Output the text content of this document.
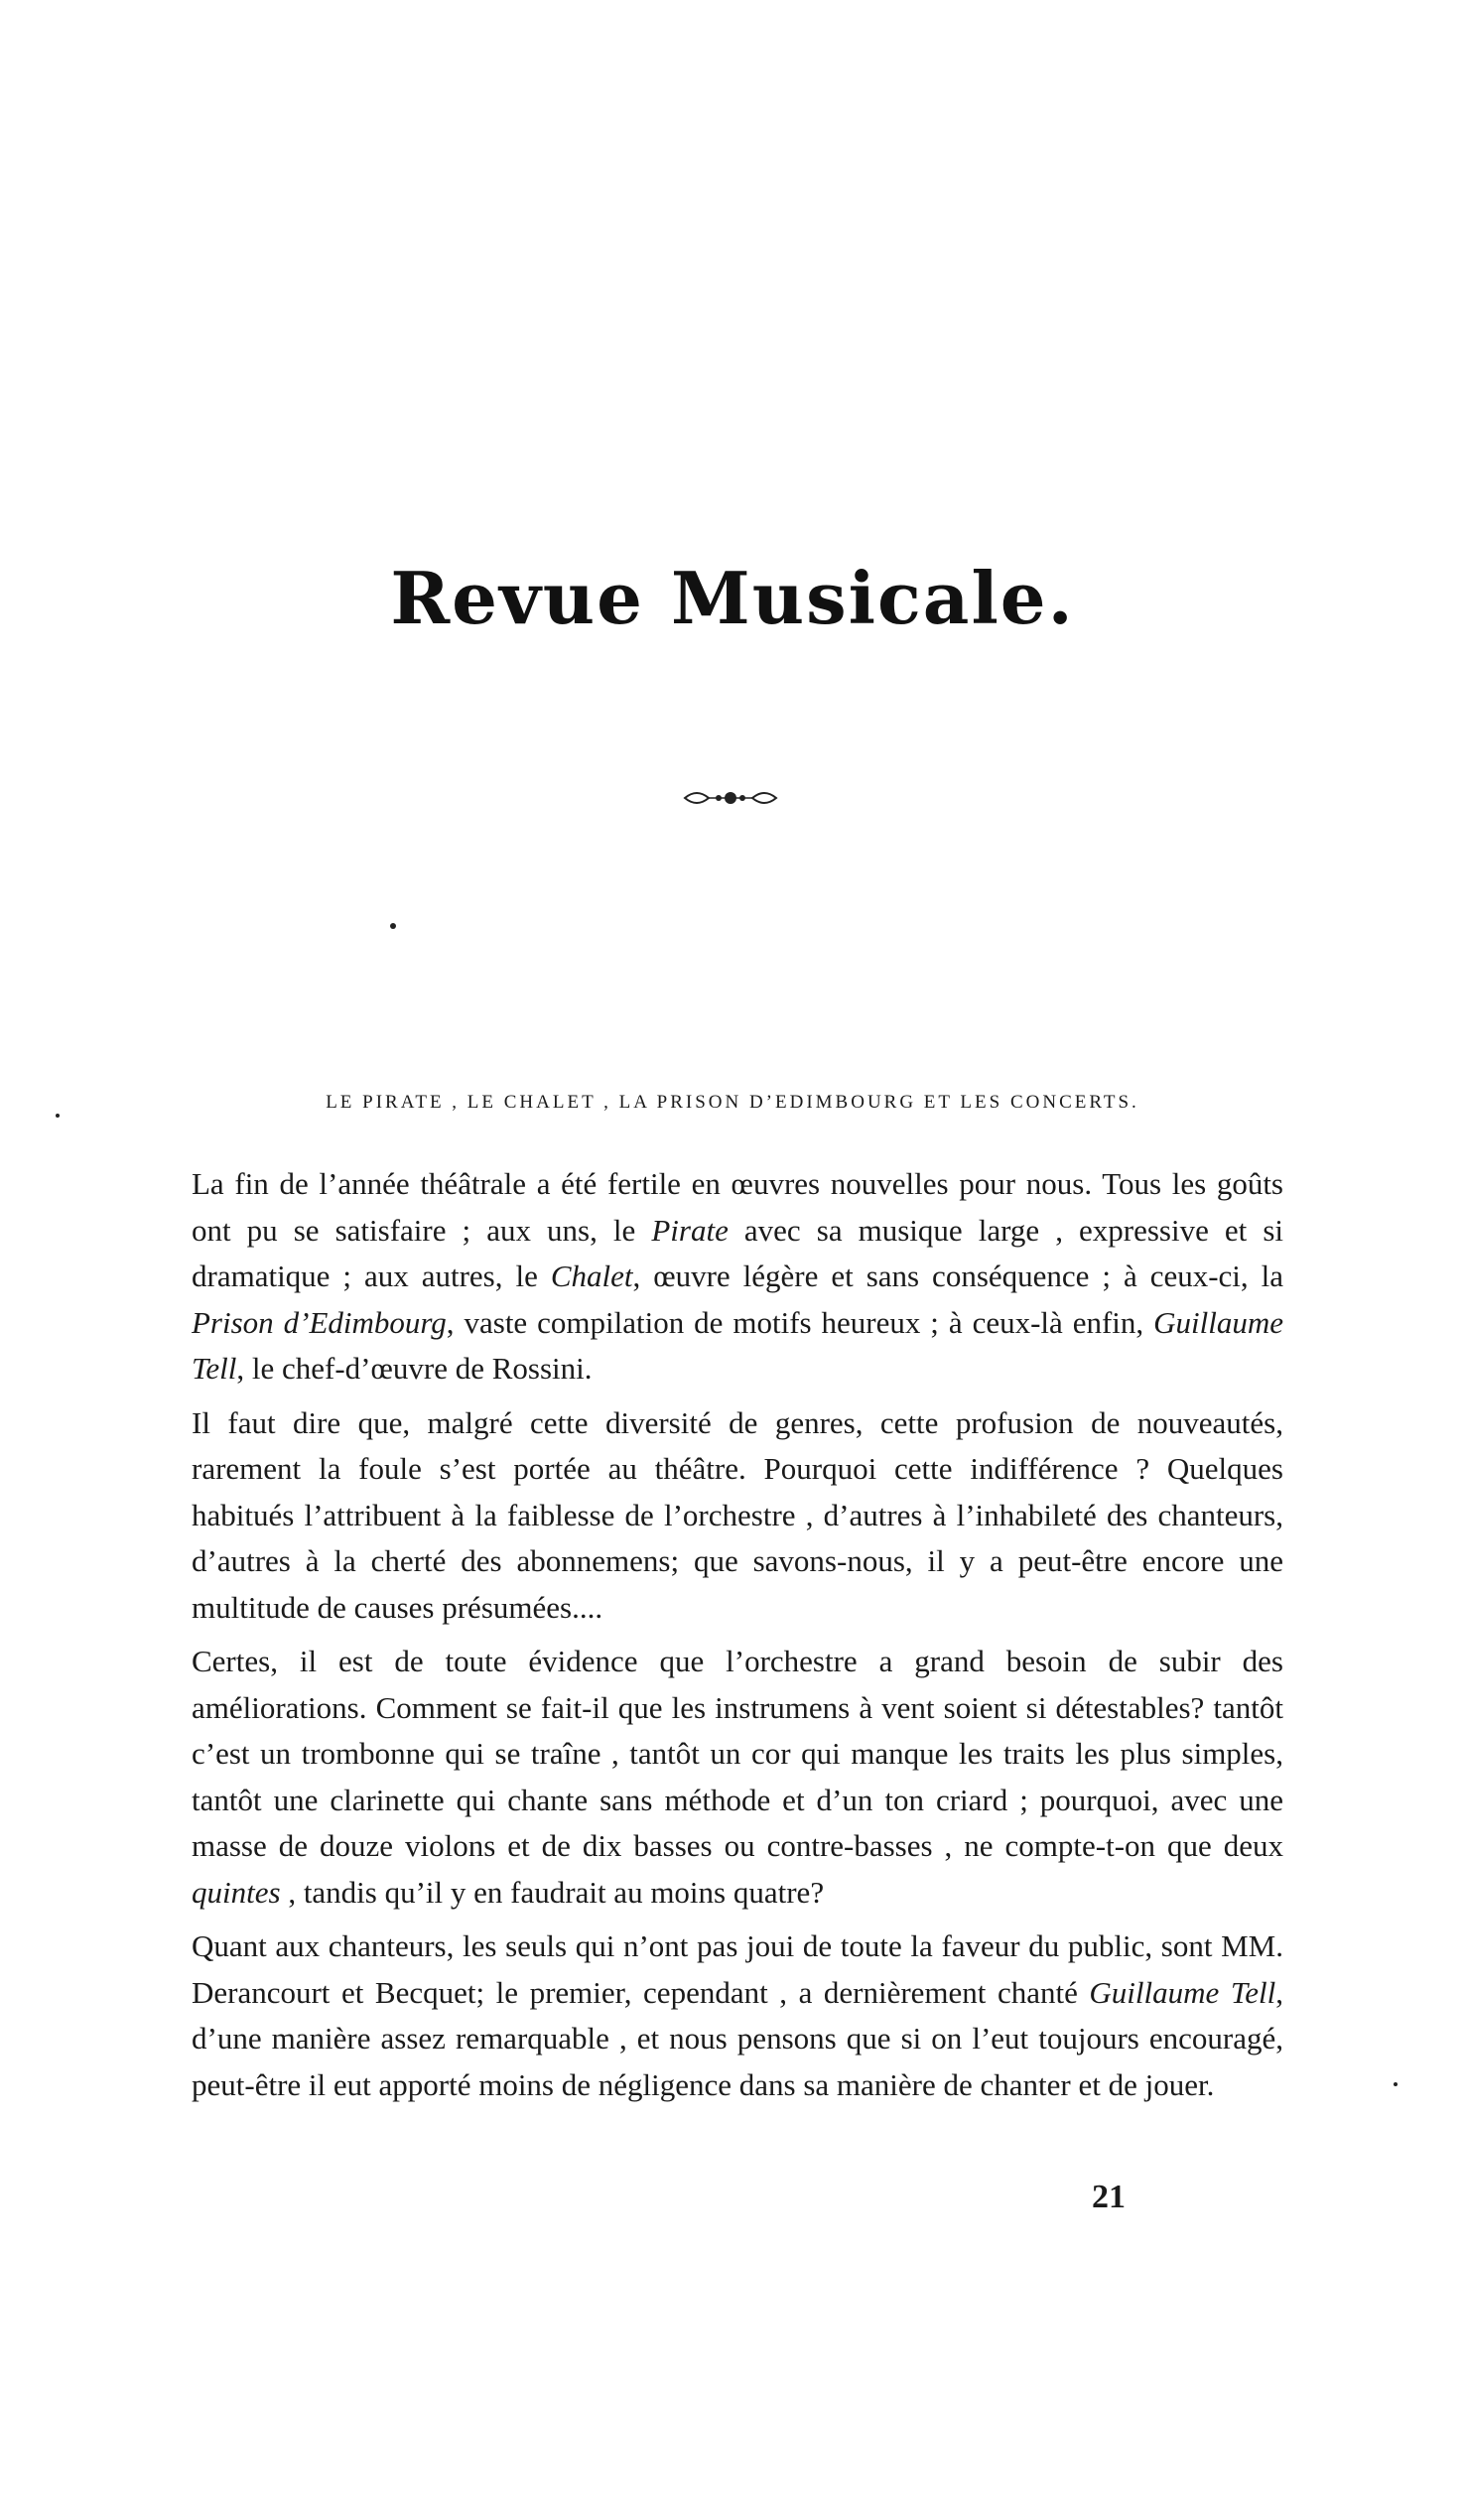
Revue Musicale.
LE PIRATE , LE CHALET , LA PRISON D’EDIMBOURG ET LES CONCERTS.

La fin de l’année théâtrale a été fertile en œuvres nouvelles pour nous. Tous les goûts ont pu se satisfaire ; aux uns, le Pirate avec sa musique large , expressive et si dramatique ; aux autres, le Chalet, œuvre légère et sans conséquence ; à ceux-ci, la Prison d’Edimbourg, vaste compilation de motifs heureux ; à ceux-là enfin, Guillaume Tell, le chef-d’œuvre de Rossini.

Il faut dire que, malgré cette diversité de genres, cette profusion de nouveautés, rarement la foule s’est portée au théâtre. Pourquoi cette indifférence ? Quelques habitués l’attribuent à la faiblesse de l’orchestre , d’autres à l’inhabileté des chanteurs, d’autres à la cherté des abonnemens; que savons-nous, il y a peut-être encore une multitude de causes présumées....

Certes, il est de toute évidence que l’orchestre a grand besoin de subir des améliorations. Comment se fait-il que les instrumens à vent soient si détestables? tantôt c’est un trombonne qui se traîne , tantôt un cor qui manque les traits les plus simples, tantôt une clarinette qui chante sans méthode et d’un ton criard ; pourquoi, avec une masse de douze violons et de dix basses ou contre-basses , ne compte-t-on que deux quintes , tandis qu’il y en faudrait au moins quatre?

Quant aux chanteurs, les seuls qui n’ont pas joui de toute la faveur du public, sont MM. Derancourt et Becquet; le premier, cependant , a dernièrement chanté Guillaume Tell, d’une manière assez remarquable , et nous pensons que si on l’eut toujours encouragé, peut-être il eut apporté moins de négligence dans sa manière de chanter et de jouer.

21
